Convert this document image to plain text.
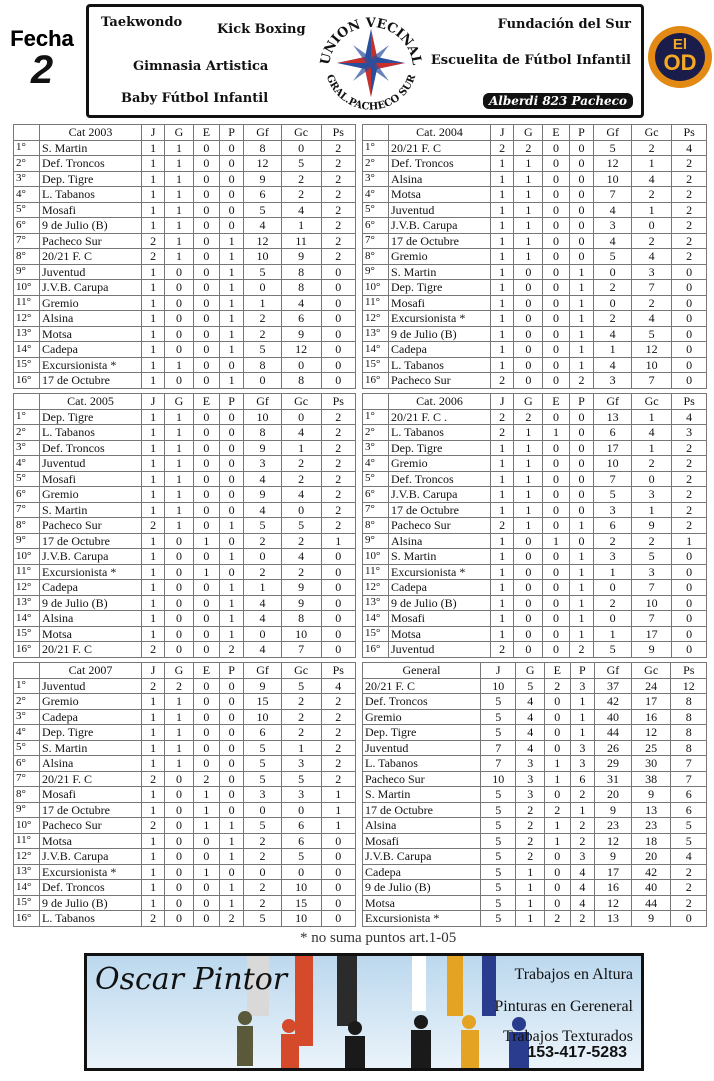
Fecha
2
Taekwondo	Kick Boxing
Gimnasia Artistica
Baby Fútbol Infantil
Fundación del Sur
Escuelita de Fútbol Infantil
Alberdi 823 Pacheco
UNION VECINAL
GRAL.PACHECO SUR
El
OD
	Cat 2003	J	G	E	P	Gf	Gc	Ps
1°	S. Martin	1	1	0	0	8	0	2
2°	Def. Troncos	1	1	0	0	12	5	2
3°	Dep. Tigre	1	1	0	0	9	2	2
4°	L. Tabanos	1	1	0	0	6	2	2
5°	Mosafi	1	1	0	0	5	4	2
6°	9 de Julio (B)	1	1	0	0	4	1	2
7°	Pacheco Sur	2	1	0	1	12	11	2
8°	20/21 F. C	2	1	0	1	10	9	2
9°	Juventud	1	0	0	1	5	8	0
10°	J.V.B. Carupa	1	0	0	1	0	8	0
11°	Gremio	1	0	0	1	1	4	0
12°	Alsina	1	0	0	1	2	6	0
13°	Motsa	1	0	0	1	2	9	0
14°	Cadepa	1	0	0	1	5	12	0
15°	Excursionista *	1	1	0	0	8	0	0
16°	17 de Octubre	1	0	0	1	0	8	0
	Cat. 2004	J	G	E	P	Gf	Gc	Ps
1°	20/21 F. C	2	2	0	0	5	2	4
2°	Def. Troncos	1	1	0	0	12	1	2
3°	Alsina	1	1	0	0	10	4	2
4°	Motsa	1	1	0	0	7	2	2
5°	Juventud	1	1	0	0	4	1	2
6°	J.V.B. Carupa	1	1	0	0	3	0	2
7°	17 de Octubre	1	1	0	0	4	2	2
8°	Gremio	1	1	0	0	5	4	2
9°	S. Martin	1	0	0	1	0	3	0
10°	Dep. Tigre	1	0	0	1	2	7	0
11°	Mosafi	1	0	0	1	0	2	0
12°	Excursionista *	1	0	0	1	2	4	0
13°	9 de Julio (B)	1	0	0	1	4	5	0
14°	Cadepa	1	0	0	1	1	12	0
15°	L. Tabanos	1	0	0	1	4	10	0
16°	Pacheco Sur	2	0	0	2	3	7	0
	Cat. 2005	J	G	E	P	Gf	Gc	Ps
1°	Dep. Tigre	1	1	0	0	10	0	2
2°	L. Tabanos	1	1	0	0	8	4	2
3°	Def. Troncos	1	1	0	0	9	1	2
4°	Juventud	1	1	0	0	3	2	2
5°	Mosafi	1	1	0	0	4	2	2
6°	Gremio	1	1	0	0	9	4	2
7°	S. Martin	1	1	0	0	4	0	2
8°	Pacheco Sur	2	1	0	1	5	5	2
9°	17 de Octubre	1	0	1	0	2	2	1
10°	J.V.B. Carupa	1	0	0	1	0	4	0
11°	Excursionista *	1	0	1	0	2	2	0
12°	Cadepa	1	0	0	1	1	9	0
13°	9 de Julio (B)	1	0	0	1	4	9	0
14°	Alsina	1	0	0	1	4	8	0
15°	Motsa	1	0	0	1	0	10	0
16°	20/21 F. C	2	0	0	2	4	7	0
	Cat. 2006	J	G	E	P	Gf	Gc	Ps
1°	20/21 F. C .	2	2	0	0	13	1	4
2°	L. Tabanos	2	1	1	0	6	4	3
3°	Dep. Tigre	1	1	0	0	17	1	2
4°	Gremio	1	1	0	0	10	2	2
5°	Def. Troncos	1	1	0	0	7	0	2
6°	J.V.B. Carupa	1	1	0	0	5	3	2
7°	17 de Octubre	1	1	0	0	3	1	2
8°	Pacheco Sur	2	1	0	1	6	9	2
9°	Alsina	1	0	1	0	2	2	1
10°	S. Martin	1	0	0	1	3	5	0
11°	Excursionista *	1	0	0	1	1	3	0
12°	Cadepa	1	0	0	1	0	7	0
13°	9 de Julio (B)	1	0	0	1	2	10	0
14°	Mosafi	1	0	0	1	0	7	0
15°	Motsa	1	0	0	1	1	17	0
16°	Juventud	2	0	0	2	5	9	0
	Cat 2007	J	G	E	P	Gf	Gc	Ps
1°	Juventud	2	2	0	0	9	5	4
2°	Gremio	1	1	0	0	15	2	2
3°	Cadepa	1	1	0	0	10	2	2
4°	Dep. Tigre	1	1	0	0	6	2	2
5°	S. Martin	1	1	0	0	5	1	2
6°	Alsina	1	1	0	0	5	3	2
7°	20/21 F. C	2	0	2	0	5	5	2
8°	Mosafi	1	0	1	0	3	3	1
9°	17 de Octubre	1	0	1	0	0	0	1
10°	Pacheco Sur	2	0	1	1	5	6	1
11°	Motsa	1	0	0	1	2	6	0
12°	J.V.B. Carupa	1	0	0	1	2	5	0
13°	Excursionista *	1	0	1	0	0	0	0
14°	Def. Troncos	1	0	0	1	2	10	0
15°	9 de Julio (B)	1	0	0	1	2	15	0
16°	L. Tabanos	2	0	0	2	5	10	0
General	J	G	E	P	Gf	Gc	Ps
20/21 F. C	10	5	2	3	37	24	12
Def. Troncos	5	4	0	1	42	17	8
Gremio	5	4	0	1	40	16	8
Dep. Tigre	5	4	0	1	44	12	8
Juventud	7	4	0	3	26	25	8
L. Tabanos	7	3	1	3	29	30	7
Pacheco Sur	10	3	1	6	31	38	7
S. Martin	5	3	0	2	20	9	6
17 de Octubre	5	2	2	1	9	13	6
Alsina	5	2	1	2	23	23	5
Mosafi	5	2	1	2	12	18	5
J.V.B. Carupa	5	2	0	3	9	20	4
Cadepa	5	1	0	4	17	42	2
9 de Julio (B)	5	1	0	4	16	40	2
Motsa	5	1	0	4	12	44	2
Excursionista *	5	1	2	2	13	9	0
* no suma puntos art.1-05
Oscar Pintor	Trabajos en Altura
Pinturas en Gereneral
Trabajos Texturados
153-417-5283
